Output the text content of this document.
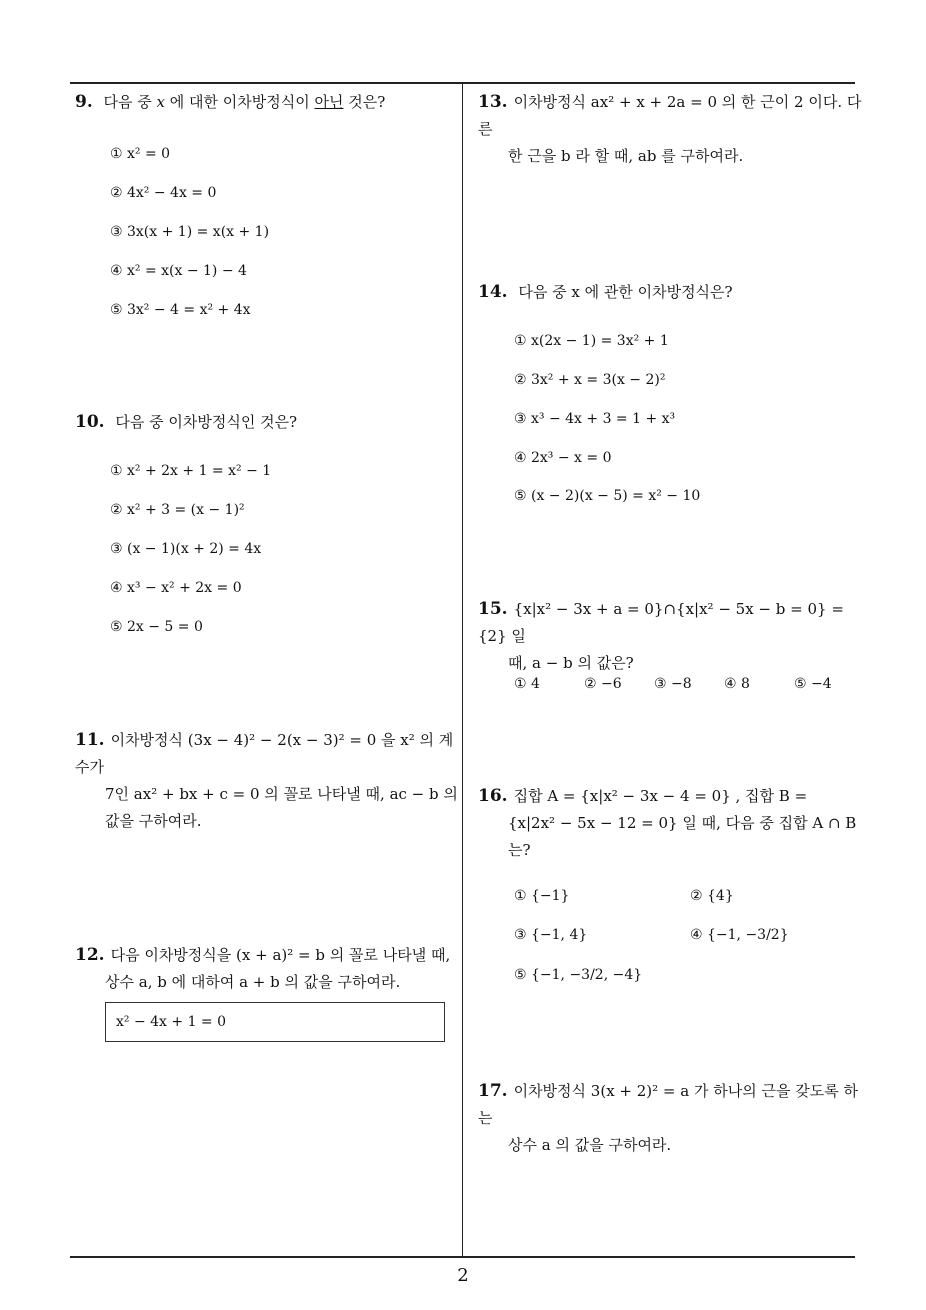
9. 다음 중 x 에 대한 이차방정식이 아닌 것은?
① x² = 0
② 4x² − 4x = 0
③ 3x(x + 1) = x(x + 1)
④ x² = x(x − 1) − 4
⑤ 3x² − 4 = x² + 4x
10. 다음 중 이차방정식인 것은?
① x² + 2x + 1 = x² − 1
② x² + 3 = (x − 1)²
③ (x − 1)(x + 2) = 4x
④ x³ − x² + 2x = 0
⑤ 2x − 5 = 0
11. 이차방정식 (3x − 4)² − 2(x − 3)² = 0 을 x² 의 계수가
7인 ax² + bx + c = 0 의 꼴로 나타낼 때, ac − b 의
값을 구하여라.
12. 다음 이차방정식을 (x + a)² = b 의 꼴로 나타낼 때,
상수 a, b 에 대하여 a + b 의 값을 구하여라.
x² − 4x + 1 = 0
13. 이차방정식 ax² + x + 2a = 0 의 한 근이 2 이다. 다른
한 근을 b 라 할 때, ab 를 구하여라.
14. 다음 중 x 에 관한 이차방정식은?
① x(2x − 1) = 3x² + 1
② 3x² + x = 3(x − 2)²
③ x³ − 4x + 3 = 1 + x³
④ 2x³ − x = 0
⑤ (x − 2)(x − 5) = x² − 10
15. {x|x² − 3x + a = 0}∩{x|x² − 5x − b = 0} = {2} 일
때, a − b 의 값은?
① 4	② −6 ③ −8 ④ 8	⑤ −4
16. 집합 A = {x|x² − 3x − 4 = 0} , 집합 B =
{x|2x² − 5x − 12 = 0} 일 때, 다음 중 집합 A ∩ B
는?
① {−1}	② {4}
③ {−1, 4}	④ {−1, −3/2}
⑤ {−1, −3/2, −4}
17. 이차방정식 3(x + 2)² = a 가 하나의 근을 갖도록 하는
상수 a 의 값을 구하여라.
2
